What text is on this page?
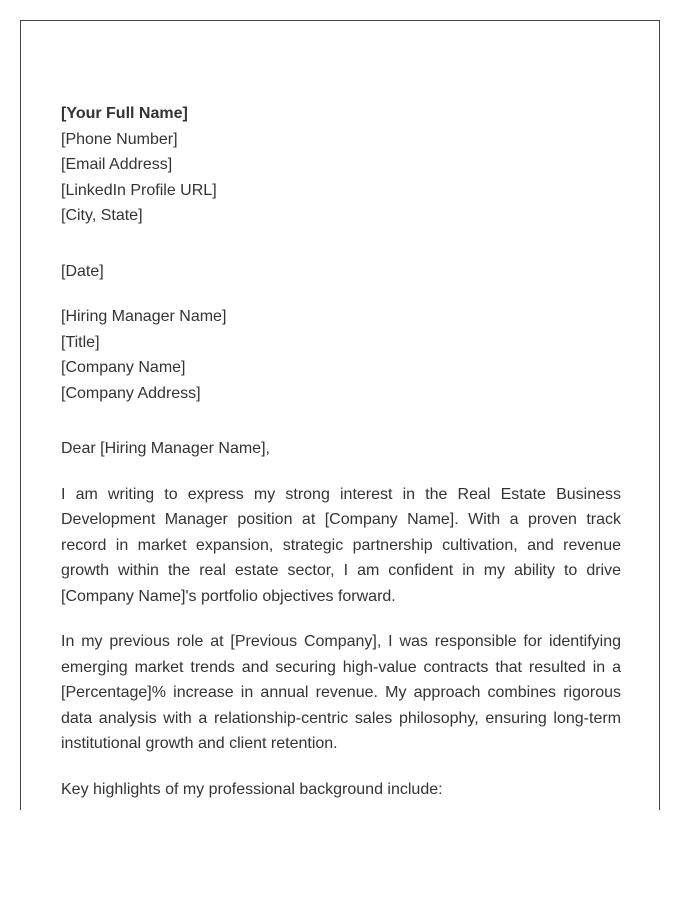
[Your Full Name]
[Phone Number]
[Email Address]
[LinkedIn Profile URL]
[City, State]
[Date]
[Hiring Manager Name]
[Title]
[Company Name]
[Company Address]
Dear [Hiring Manager Name],

I am writing to express my strong interest in the Real Estate Business Development Manager position at [Company Name]. With a proven track record in market expansion, strategic partnership cultivation, and revenue growth within the real estate sector, I am confident in my ability to drive [Company Name]'s portfolio objectives forward.

In my previous role at [Previous Company], I was responsible for identifying emerging market trends and securing high-value contracts that resulted in a [Percentage]% increase in annual revenue. My approach combines rigorous data analysis with a relationship-centric sales philosophy, ensuring long-term institutional growth and client retention.

Key highlights of my professional background include:
